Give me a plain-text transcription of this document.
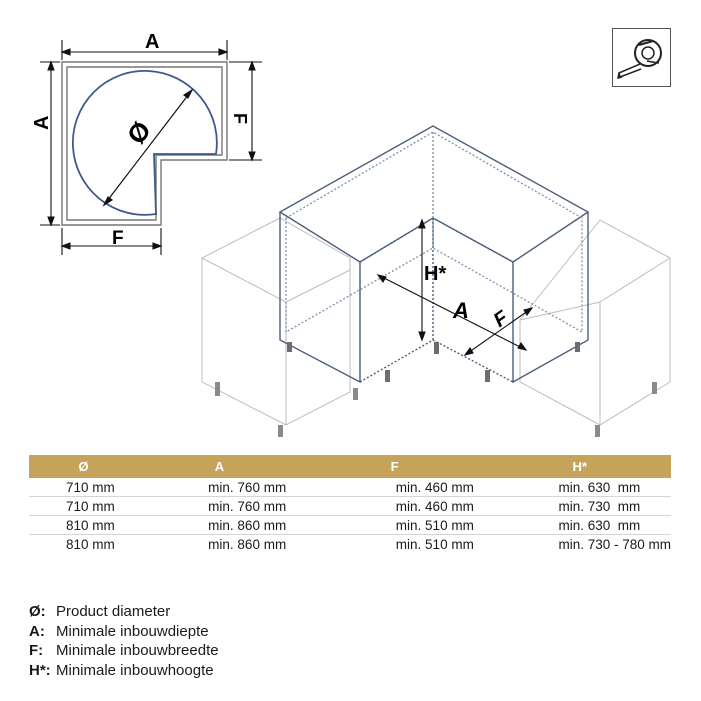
Ø
A
A	F
F
H*
A F
Ø	A	F	H*
710 mm	min. 760 mm	min. 460 mm	min. 630  mm
710 mm	min. 760 mm	min. 460 mm	min. 730  mm
810 mm	min. 860 mm	min. 510 mm	min. 630  mm
810 mm	min. 860 mm	min. 510 mm	min. 730 - 780 mm
Ø: Product diameter
A: Minimale inbouwdiepte
F: Minimale inbouwbreedte
H*: Minimale inbouwhoogte
